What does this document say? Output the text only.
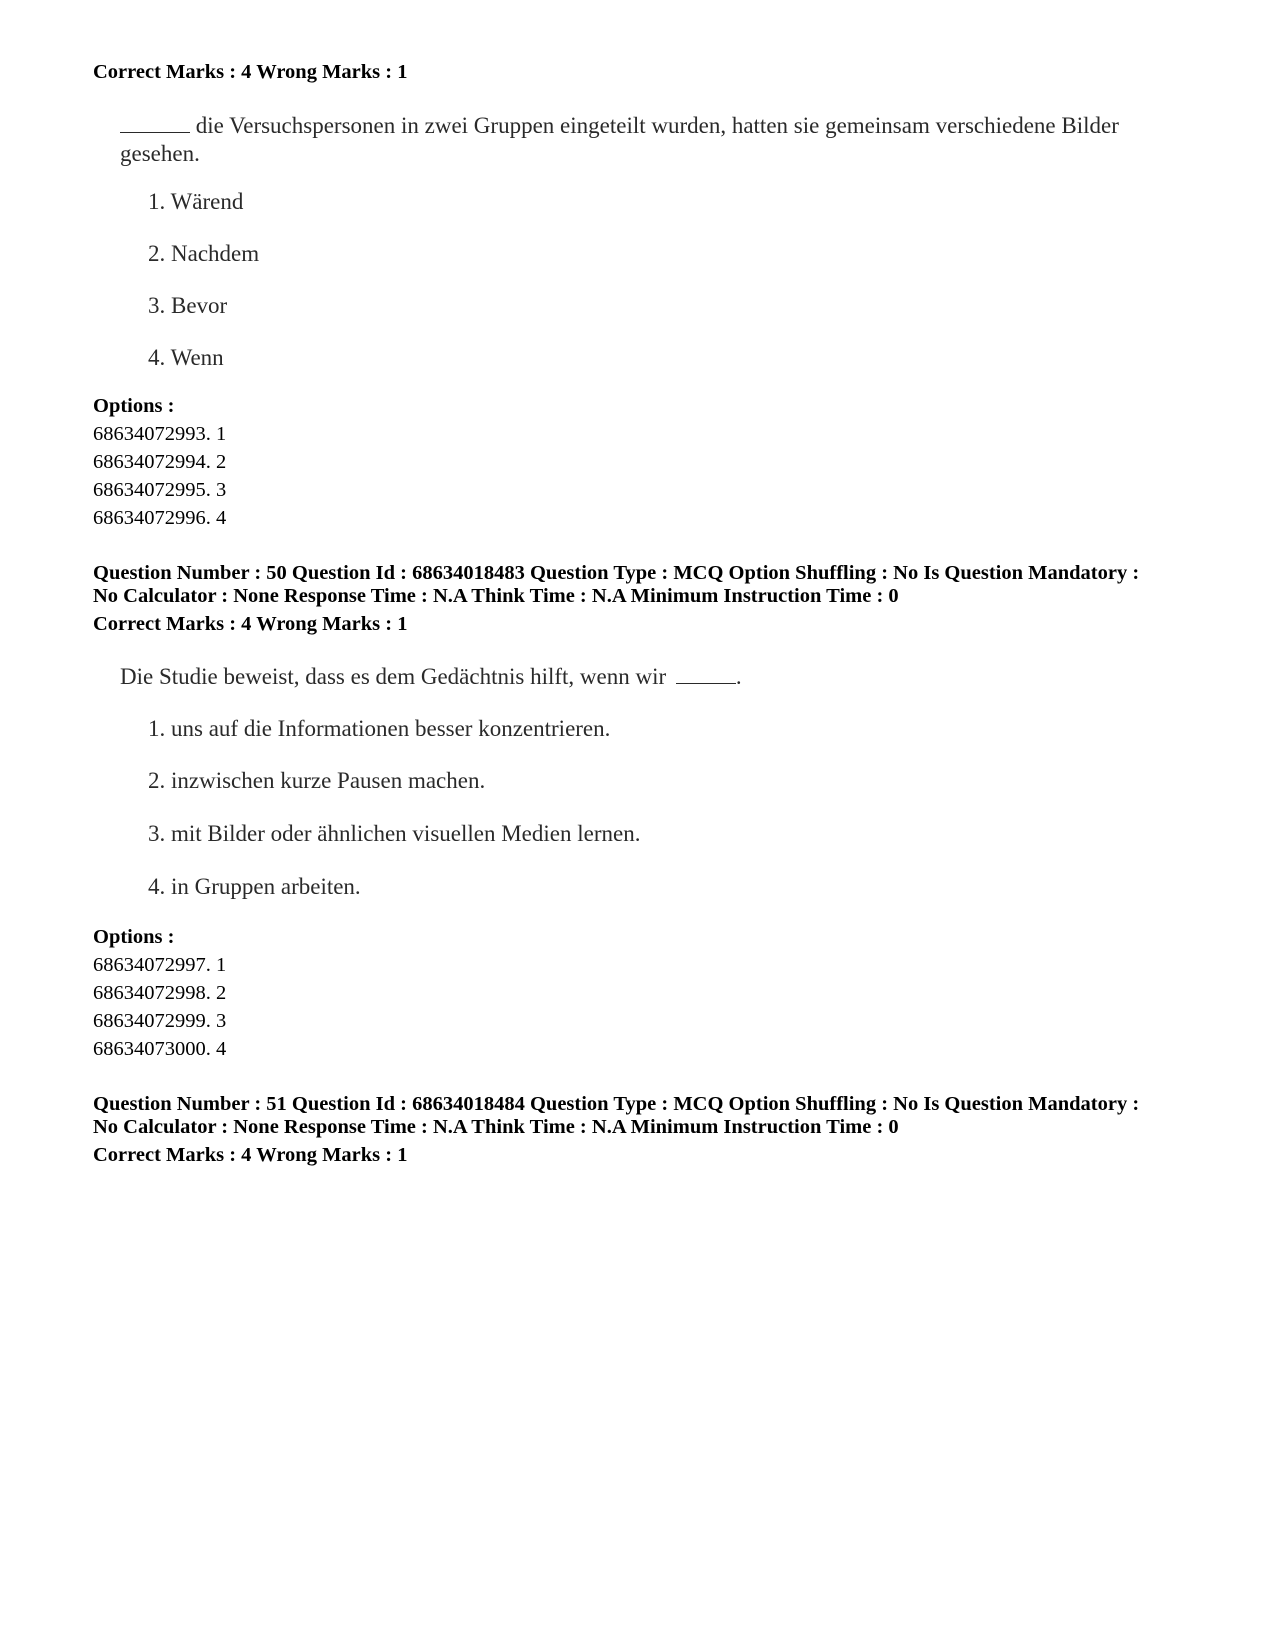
Correct Marks : 4 Wrong Marks : 1
die Versuchspersonen in zwei Gruppen eingeteilt wurden, hatten sie gemeinsam verschiedene Bilder gesehen.
1. Wärend
2. Nachdem
3. Bevor
4. Wenn
Options :
68634072993. 1
68634072994. 2
68634072995. 3
68634072996. 4
Question Number : 50 Question Id : 68634018483 Question Type : MCQ Option Shuffling : No Is Question Mandatory :
No Calculator : None Response Time : N.A Think Time : N.A Minimum Instruction Time : 0
Correct Marks : 4 Wrong Marks : 1
Die Studie beweist, dass es dem Gedächtnis hilft, wenn wir	.
1. uns auf die Informationen besser konzentrieren.
2. inzwischen kurze Pausen machen.
3. mit Bilder oder ähnlichen visuellen Medien lernen.
4. in Gruppen arbeiten.
Options :
68634072997. 1
68634072998. 2
68634072999. 3
68634073000. 4
Question Number : 51 Question Id : 68634018484 Question Type : MCQ Option Shuffling : No Is Question Mandatory :
No Calculator : None Response Time : N.A Think Time : N.A Minimum Instruction Time : 0
Correct Marks : 4 Wrong Marks : 1
